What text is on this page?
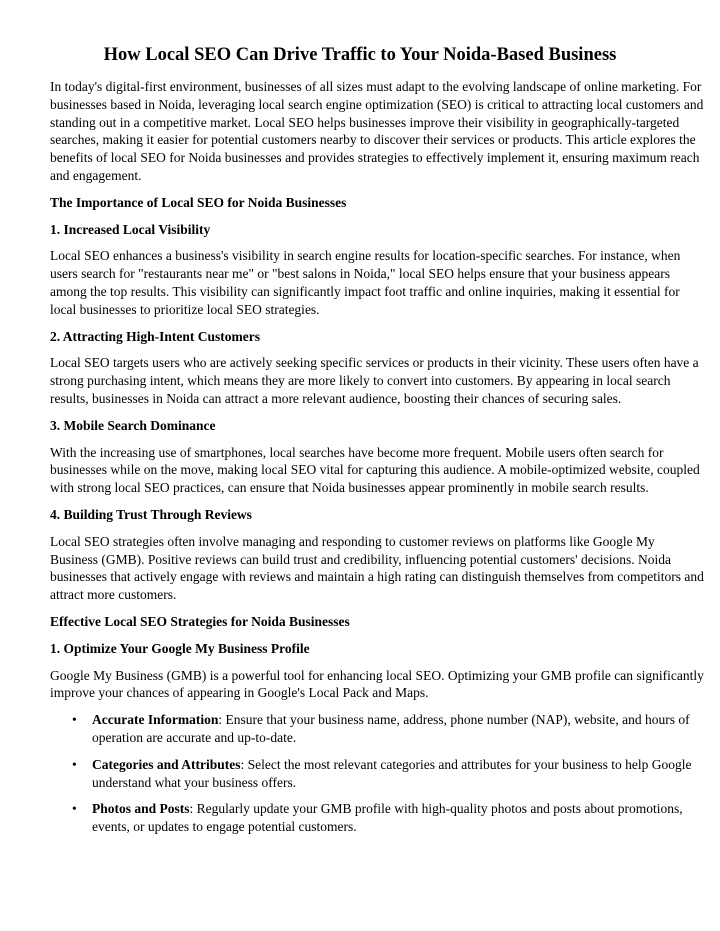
How Local SEO Can Drive Traffic to Your Noida-Based Business

In today's digital-first environment, businesses of all sizes must adapt to the evolving landscape of online marketing. For businesses based in Noida, leveraging local search engine optimization (SEO) is critical to attracting local customers and standing out in a competitive market. Local SEO helps businesses improve their visibility in geographically-targeted searches, making it easier for potential customers nearby to discover their services or products. This article explores the benefits of local SEO for Noida businesses and provides strategies to effectively implement it, ensuring maximum reach and engagement.

The Importance of Local SEO for Noida Businesses
1. Increased Local Visibility

Local SEO enhances a business's visibility in search engine results for location-specific searches. For instance, when users search for "restaurants near me" or "best salons in Noida," local SEO helps ensure that your business appears among the top results. This visibility can significantly impact foot traffic and online inquiries, making it essential for local businesses to prioritize local SEO strategies.

2. Attracting High-Intent Customers

Local SEO targets users who are actively seeking specific services or products in their vicinity. These users often have a strong purchasing intent, which means they are more likely to convert into customers. By appearing in local search results, businesses in Noida can attract a more relevant audience, boosting their chances of securing sales.

3. Mobile Search Dominance

With the increasing use of smartphones, local searches have become more frequent. Mobile users often search for businesses while on the move, making local SEO vital for capturing this audience. A mobile-optimized website, coupled with strong local SEO practices, can ensure that Noida businesses appear prominently in mobile search results.

4. Building Trust Through Reviews

Local SEO strategies often involve managing and responding to customer reviews on platforms like Google My Business (GMB). Positive reviews can build trust and credibility, influencing potential customers' decisions. Noida businesses that actively engage with reviews and maintain a high rating can distinguish themselves from competitors and attract more customers.

Effective Local SEO Strategies for Noida Businesses
1. Optimize Your Google My Business Profile

Google My Business (GMB) is a powerful tool for enhancing local SEO. Optimizing your GMB profile can significantly improve your chances of appearing in Google's Local Pack and Maps.

• Accurate Information: Ensure that your business name, address, phone number (NAP), website, and hours of operation are accurate and up-to-date.
• Categories and Attributes: Select the most relevant categories and attributes for your business to help Google understand what your business offers.
• Photos and Posts: Regularly update your GMB profile with high-quality photos and posts about promotions, events, or updates to engage potential customers.
